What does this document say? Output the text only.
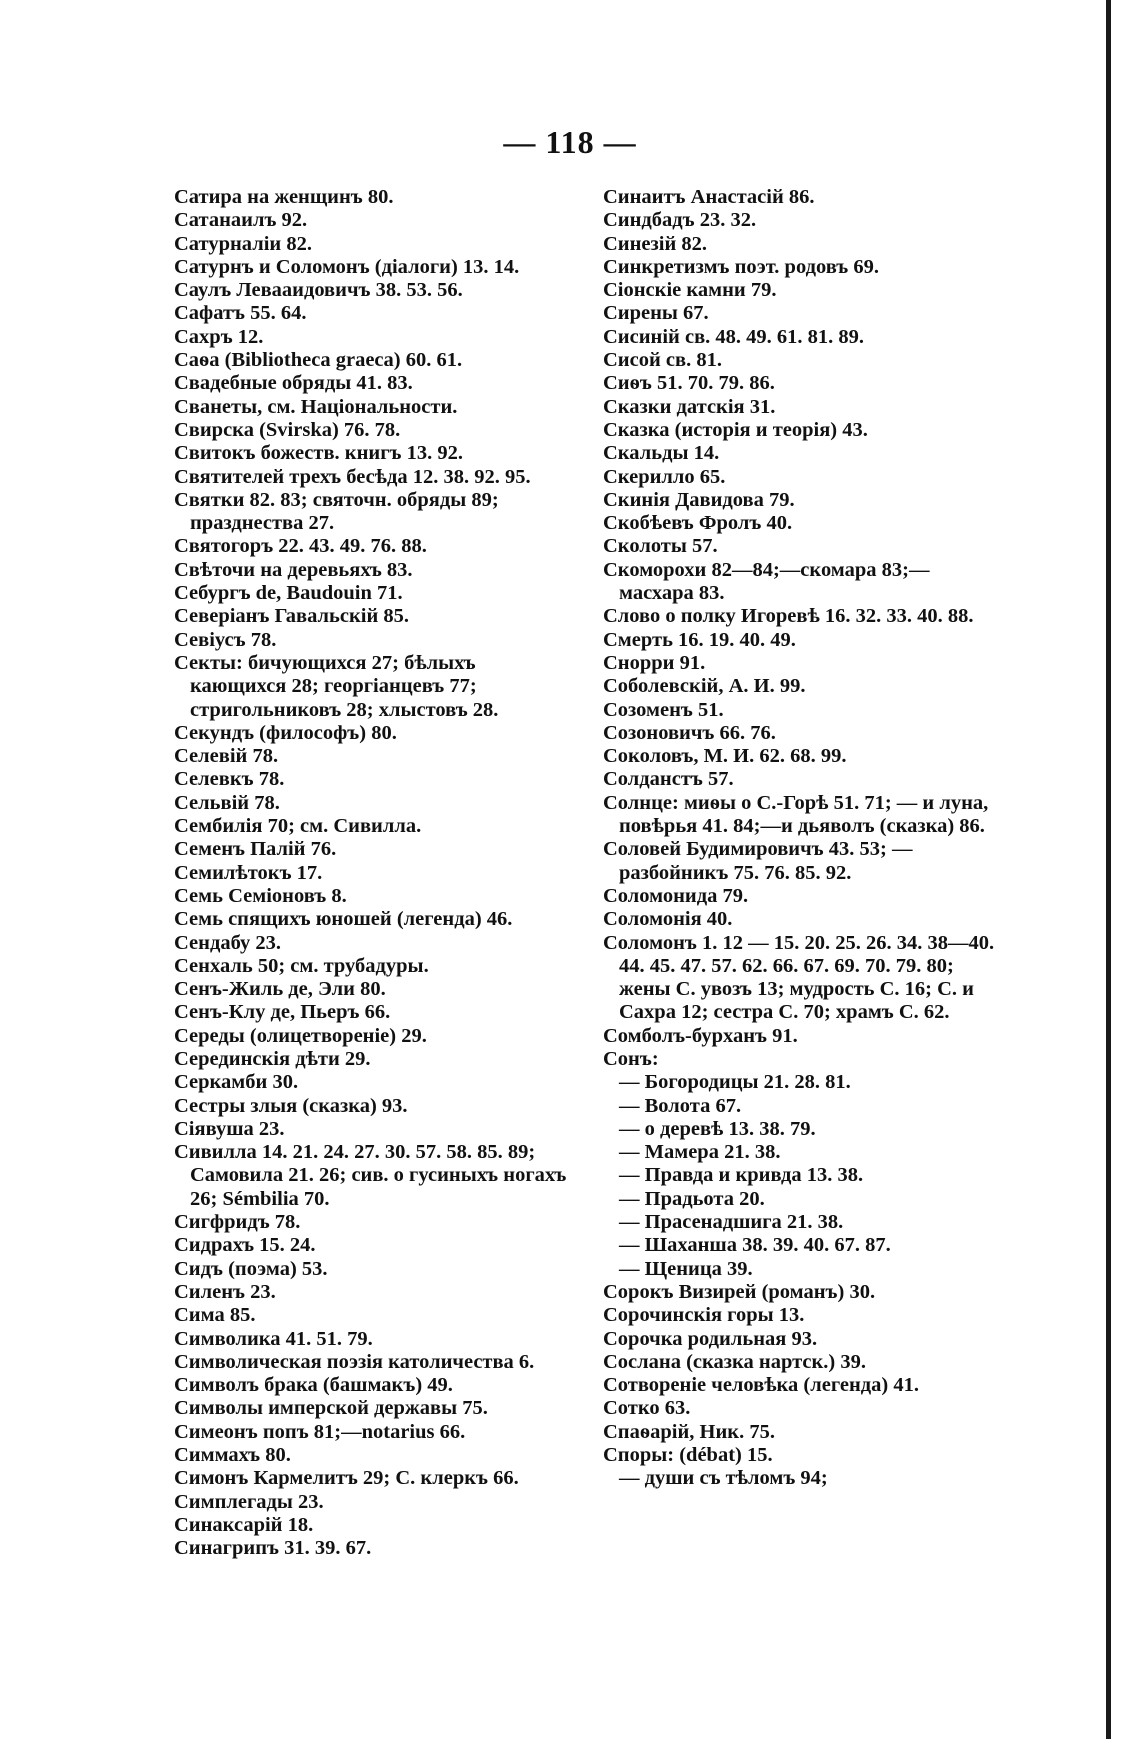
— 118 —

Сатира на женщинъ 80.

Сатанаилъ 92.

Сатурналіи 82.

Сатурнъ и Соломонъ (діалоги) 13. 14.

Саулъ Левааидовичъ 38. 53. 56.

Сафатъ 55. 64.

Сахръ 12.

Саѳа (Bibliotheca graeca) 60. 61.

Свадебные обряды 41. 83.

Сванеты, см. Національности.

Свирска (Svirska) 76. 78.

Свитокъ божеств. книгъ 13. 92.

Святителей трехъ бесѣда 12. 38. 92. 95.

Святки 82. 83; святочн. обряды 89; празднества 27.

Святогоръ 22. 43. 49. 76. 88.

Свѣточи на деревьяхъ 83.

Себургъ de, Baudouin 71.

Северіанъ Гавальскій 85.

Севіусъ 78.

Секты: бичующихся 27; бѣлыхъ кающихся 28; георгіанцевъ 77; стригольниковъ 28; хлыстовъ 28.

Секундъ (философъ) 80.

Селевій 78.

Селевкъ 78.

Сельвій 78.

Сембилія 70; см. Сивилла.

Семенъ Палій 76.

Семилѣтокъ 17.

Семь Семіоновъ 8.

Семь спящихъ юношей (легенда) 46.

Сендабу 23.

Сенхаль 50; см. трубадуры.

Сенъ-Жиль де, Эли 80.

Сенъ-Клу де, Пьеръ 66.

Середы (олицетвореніе) 29.

Серединскія дѣти 29.

Серкамби 30.

Сестры злыя (сказка) 93.

Сіявуша 23.

Сивилла 14. 21. 24. 27. 30. 57. 58. 85. 89; Самовила 21. 26; сив. о гусиныхъ ногахъ 26; Sémbilia 70.

Сигфридъ 78.

Сидрахъ 15. 24.

Сидъ (поэма) 53.

Силенъ 23.

Сима 85.

Символика 41. 51. 79.

Символическая поэзія католичества 6.

Символъ брака (башмакъ) 49.

Символы имперской державы 75.

Симеонъ попъ 81;—notarius 66.

Симмахъ 80.

Симонъ Кармелитъ 29; С. клеркъ 66.

Симплегады 23.

Синаксарій 18.

Синагрипъ 31. 39. 67.

Синаитъ Анастасій 86.

Синдбадъ 23. 32.

Синезій 82.

Синкретизмъ поэт. родовъ 69.

Сіонскіе камни 79.

Сирены 67.

Сисиній св. 48. 49. 61. 81. 89.

Сисой св. 81.

Сиѳъ 51. 70. 79. 86.

Сказки датскія 31.

Сказка (исторія и теорія) 43.

Скальды 14.

Скерилло 65.

Скинія Давидова 79.

Скобѣевъ Фролъ 40.

Сколоты 57.

Скоморохи 82—84;—скомара 83;—масхара 83.

Слово о полку Игоревѣ 16. 32. 33. 40. 88.

Смерть 16. 19. 40. 49.

Снорри 91.

Соболевскій, А. И. 99.

Созоменъ 51.

Созоновичъ 66. 76.

Соколовъ, М. И. 62. 68. 99.

Солданстъ 57.

Солнце: миѳы о С.-Горѣ 51. 71; — и луна, повѣрья 41. 84;—и дьяволъ (сказка) 86.

Соловей Будимировичъ 43. 53; — разбойникъ 75. 76. 85. 92.

Соломонида 79.

Соломонія 40.

Соломонъ 1. 12 — 15. 20. 25. 26. 34. 38—40. 44. 45. 47. 57. 62. 66. 67. 69. 70. 79. 80; жены С. увозъ 13; мудрость С. 16; С. и Сахра 12; сестра С. 70; храмъ С. 62.

Сомболъ-бурханъ 91.

Сонъ:

— Богородицы 21. 28. 81.

— Волота 67.

— о деревѣ 13. 38. 79.

— Мамера 21. 38.

— Правда и кривда 13. 38.

— Прадьота 20.

— Прасенадшига 21. 38.

— Шаханша 38. 39. 40. 67. 87.

— Щеница 39.

Сорокъ Визирей (романъ) 30.

Сорочинскія горы 13.

Сорочка родильная 93.

Сослана (сказка нартск.) 39.

Сотвореніе человѣка (легенда) 41.

Сотко 63.

Спаѳарій, Ник. 75.

Споры: (débat) 15.

— души съ тѣломъ 94;
